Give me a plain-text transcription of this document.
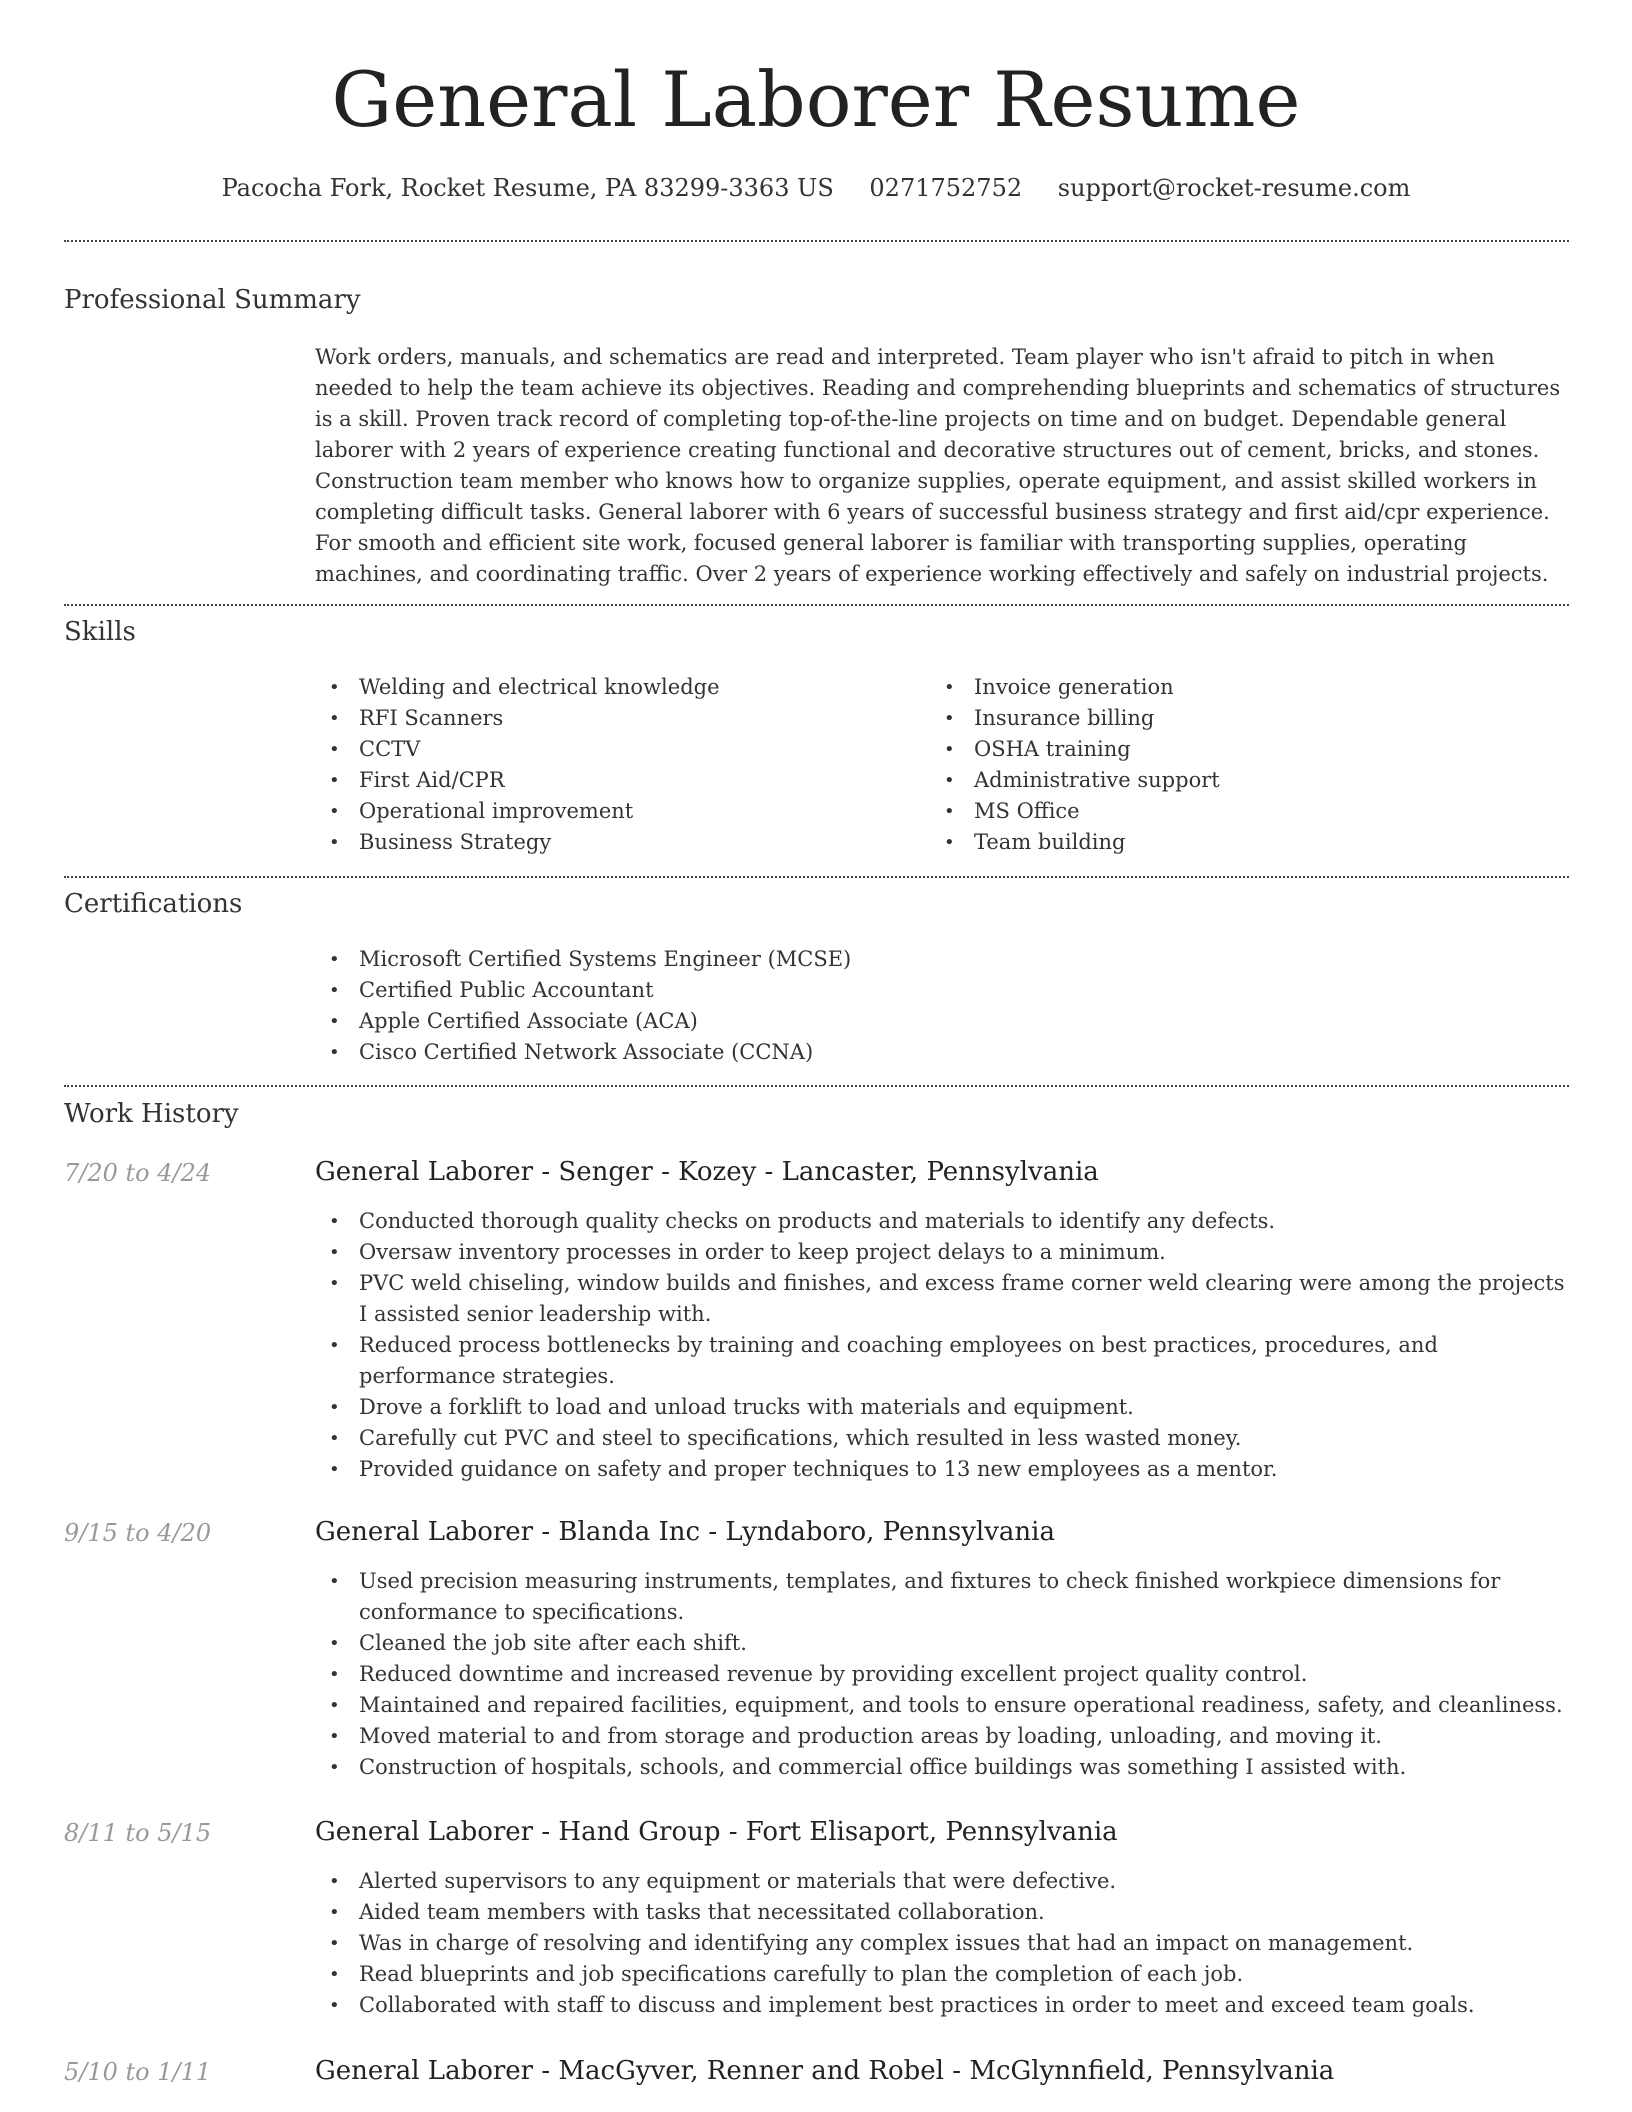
General Laborer Resume
Pacocha Fork, Rocket Resume, PA 83299-3363 US 0271752752 support@rocket-resume.com
Professional Summary
Work orders, manuals, and schematics are read and interpreted. Team player who isn't afraid to pitch in when needed to help the team achieve its objectives. Reading and comprehending blueprints and schematics of structures is a skill. Proven track record of completing top-of-the-line projects on time and on budget. Dependable general laborer with 2 years of experience creating functional and decorative structures out of cement, bricks, and stones. Construction team member who knows how to organize supplies, operate equipment, and assist skilled workers in completing difficult tasks. General laborer with 6 years of successful business strategy and first aid/cpr experience. For smooth and efficient site work, focused general laborer is familiar with transporting supplies, operating machines, and coordinating traffic. Over 2 years of experience working effectively and safely on industrial projects.
Skills
• Welding and electrical knowledge
• RFI Scanners
• CCTV
• First Aid/CPR
• Operational improvement
• Business Strategy
• Invoice generation
• Insurance billing
• OSHA training
• Administrative support
• MS Office
• Team building
Certifications
• Microsoft Certified Systems Engineer (MCSE)
• Certified Public Accountant
• Apple Certified Associate (ACA)
• Cisco Certified Network Associate (CCNA)
Work History
7/20 to 4/24	General Laborer - Senger - Kozey - Lancaster, Pennsylvania
• Conducted thorough quality checks on products and materials to identify any defects.
• Oversaw inventory processes in order to keep project delays to a minimum.
• PVC weld chiseling, window builds and finishes, and excess frame corner weld clearing were among the projects I assisted senior leadership with.
• Reduced process bottlenecks by training and coaching employees on best practices, procedures, and performance strategies.
• Drove a forklift to load and unload trucks with materials and equipment.
• Carefully cut PVC and steel to specifications, which resulted in less wasted money.
• Provided guidance on safety and proper techniques to 13 new employees as a mentor.
9/15 to 4/20	General Laborer - Blanda Inc - Lyndaboro, Pennsylvania
• Used precision measuring instruments, templates, and fixtures to check finished workpiece dimensions for conformance to specifications.
• Cleaned the job site after each shift.
• Reduced downtime and increased revenue by providing excellent project quality control.
• Maintained and repaired facilities, equipment, and tools to ensure operational readiness, safety, and cleanliness.
• Moved material to and from storage and production areas by loading, unloading, and moving it.
• Construction of hospitals, schools, and commercial office buildings was something I assisted with.
8/11 to 5/15	General Laborer - Hand Group - Fort Elisaport, Pennsylvania
• Alerted supervisors to any equipment or materials that were defective.
• Aided team members with tasks that necessitated collaboration.
• Was in charge of resolving and identifying any complex issues that had an impact on management.
• Read blueprints and job specifications carefully to plan the completion of each job.
• Collaborated with staff to discuss and implement best practices in order to meet and exceed team goals.
5/10 to 1/11	General Laborer - MacGyver, Renner and Robel - McGlynnfield, Pennsylvania
